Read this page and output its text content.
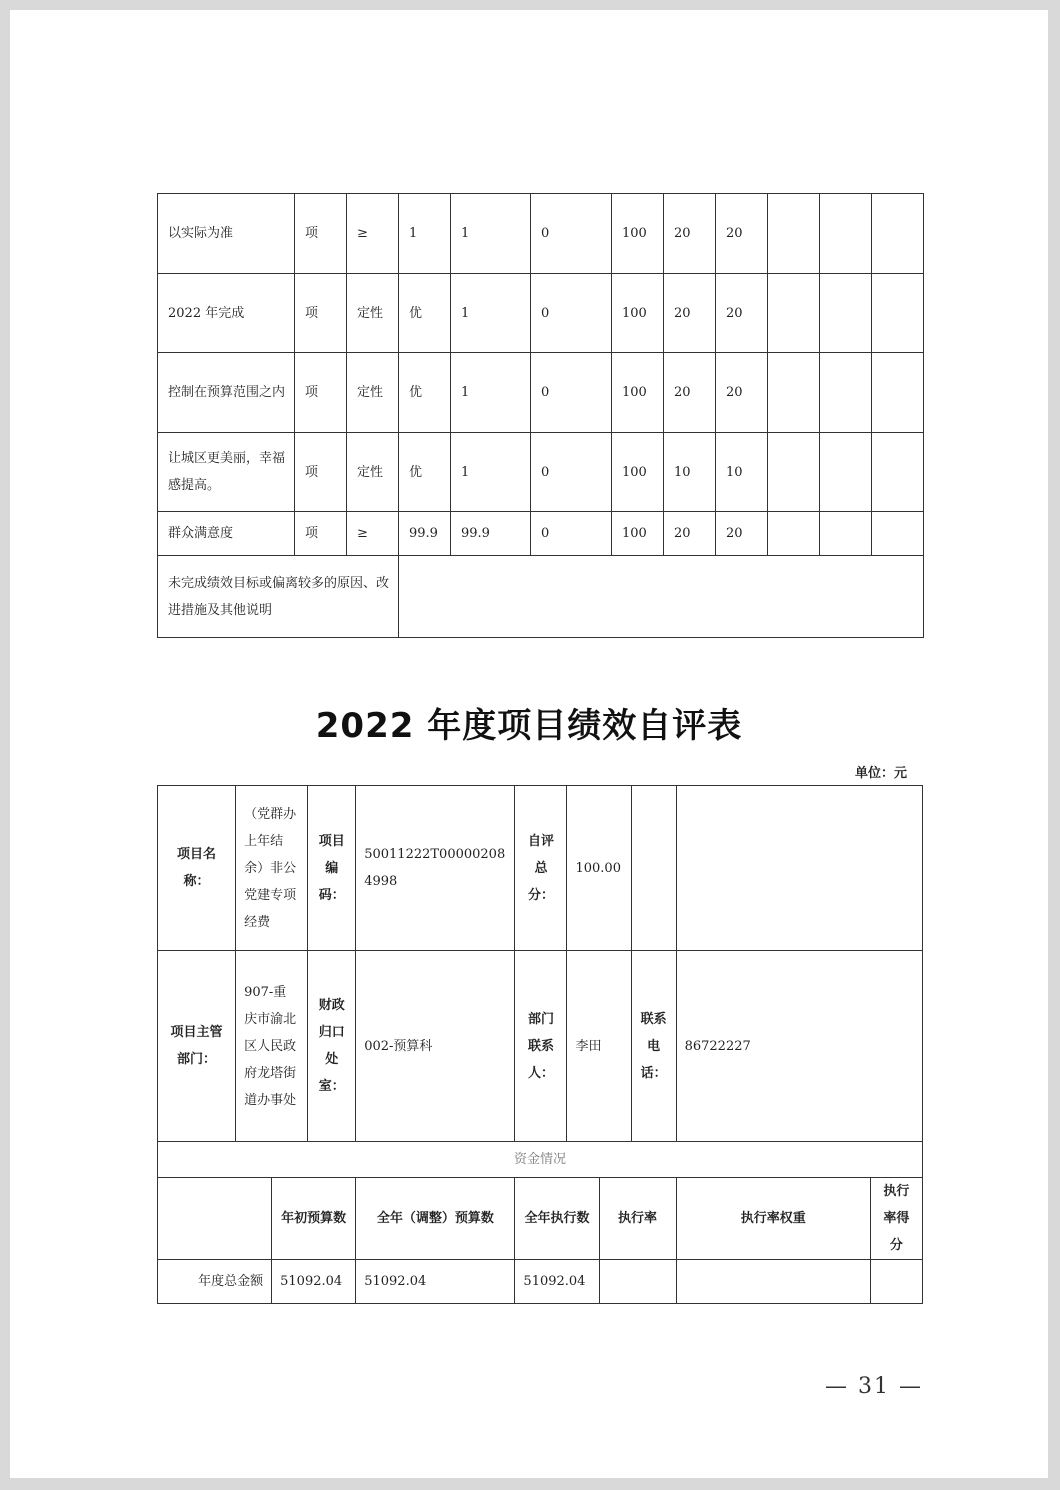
以实际为准	项	≥	1	1	0	100	20	20			
2022 年完成	项	定性	优	1	0	100	20	20			
控制在预算范围之内	项	定性	优	1	0	100	20	20			
让城区更美丽，幸福感提高。	项	定性	优	1	0	100	10	10			
群众满意度	项	≥	99.9	99.9	0	100	20	20			
未完成绩效目标或偏离较多的原因、改进措施及其他说明											
2022 年度项目绩效自评表
单位：元
项目名称：	（党群办上年结余）非公党建专项经费		项目编码：	50011222T000002084998	自评总分：	100.00				
项目主管部门：	907-重庆市渝北区人民政府龙塔街道办事处		财政归口处室：	002-预算科	部门联系人：	李田		联系电话：	86722227	
资金情况										
		年初预算数		全年（调整）预算数	全年执行数		执行率		执行率权重	执行率得分
年度总金额		51092.04		51092.04	51092.04					
— 31 —
